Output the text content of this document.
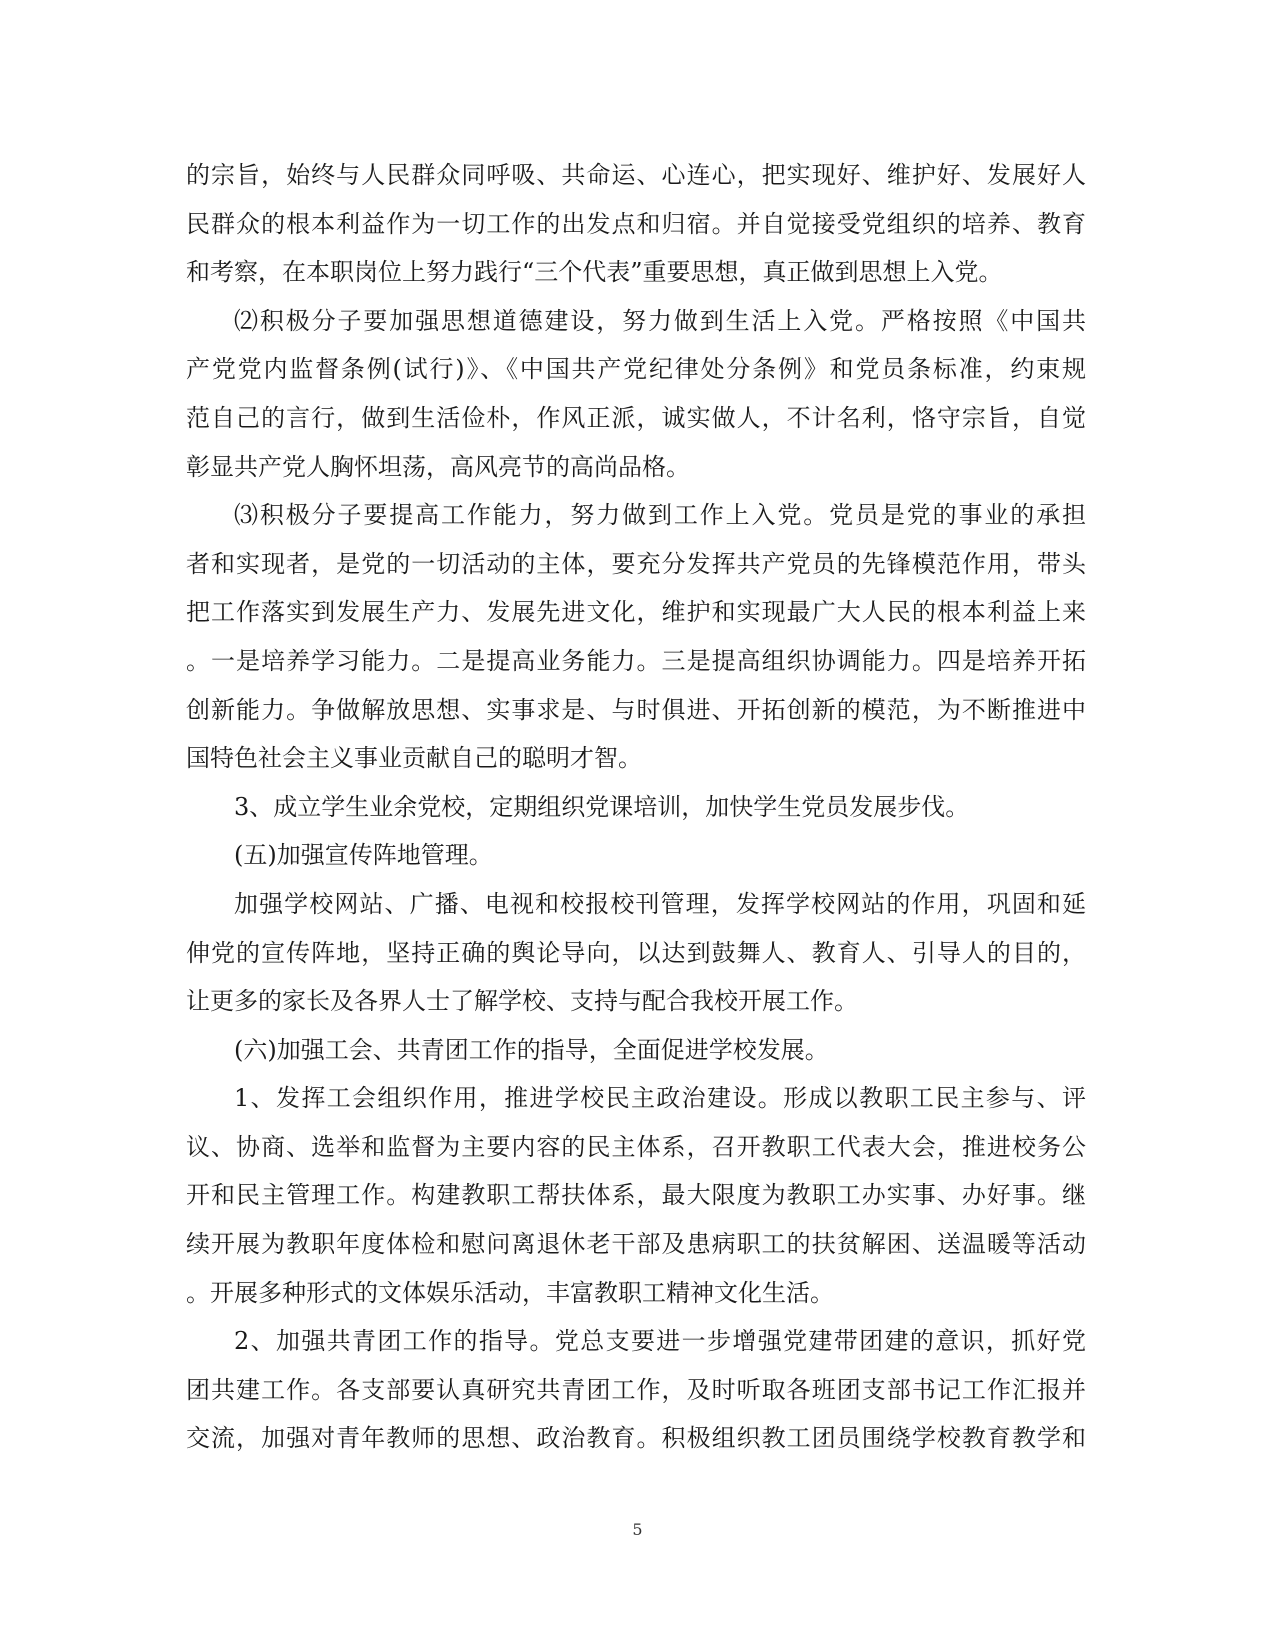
的宗旨，始终与人民群众同呼吸、共命运、心连心，把实现好、维护好、发展好人
民群众的根本利益作为一切工作的出发点和归宿。并自觉接受党组织的培养、教育
和考察，在本职岗位上努力践行“三个代表”重要思想，真正做到思想上入党。
⑵积极分子要加强思想道德建设，努力做到生活上入党。严格按照《中国共
产党党内监督条例(试行)》、《中国共产党纪律处分条例》和党员条标准，约束规
范自己的言行，做到生活俭朴，作风正派，诚实做人，不计名利，恪守宗旨，自觉
彰显共产党人胸怀坦荡，高风亮节的高尚品格。
⑶积极分子要提高工作能力，努力做到工作上入党。党员是党的事业的承担
者和实现者，是党的一切活动的主体，要充分发挥共产党员的先锋模范作用，带头
把工作落实到发展生产力、发展先进文化，维护和实现最广大人民的根本利益上来
。一是培养学习能力。二是提高业务能力。三是提高组织协调能力。四是培养开拓
创新能力。争做解放思想、实事求是、与时俱进、开拓创新的模范，为不断推进中
国特色社会主义事业贡献自己的聪明才智。
3、成立学生业余党校，定期组织党课培训，加快学生党员发展步伐。
(五)加强宣传阵地管理。
加强学校网站、广播、电视和校报校刊管理，发挥学校网站的作用，巩固和延
伸党的宣传阵地，坚持正确的舆论导向，以达到鼓舞人、教育人、引导人的目的，
让更多的家长及各界人士了解学校、支持与配合我校开展工作。
(六)加强工会、共青团工作的指导，全面促进学校发展。
1、发挥工会组织作用，推进学校民主政治建设。形成以教职工民主参与、评
议、协商、选举和监督为主要内容的民主体系，召开教职工代表大会，推进校务公
开和民主管理工作。构建教职工帮扶体系，最大限度为教职工办实事、办好事。继
续开展为教职年度体检和慰问离退休老干部及患病职工的扶贫解困、送温暖等活动
。开展多种形式的文体娱乐活动，丰富教职工精神文化生活。
2、加强共青团工作的指导。党总支要进一步增强党建带团建的意识，抓好党
团共建工作。各支部要认真研究共青团工作，及时听取各班团支部书记工作汇报并
交流，加强对青年教师的思想、政治教育。积极组织教工团员围绕学校教育教学和
5
